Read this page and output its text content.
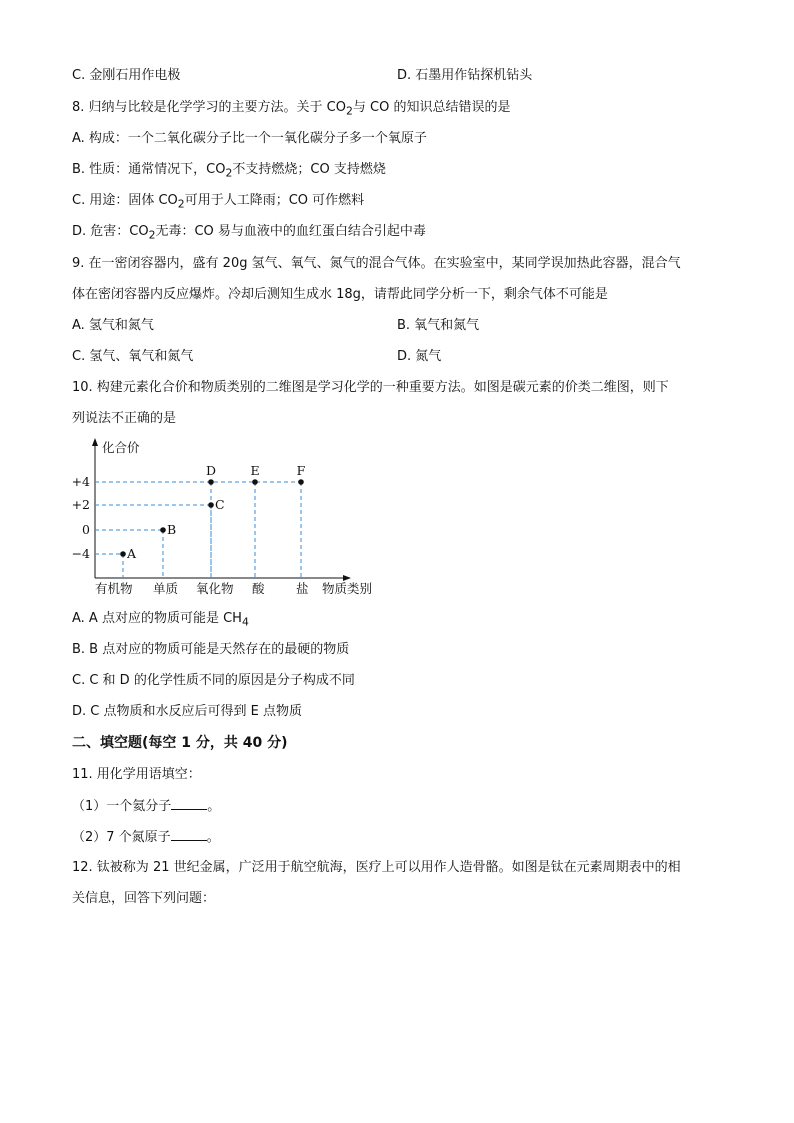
C. 金刚石用作电极	D. 石墨用作钻探机钻头
8. 归纳与比较是化学学习的主要方法。关于 $CO_2$与 CO 的知识总结错误的是
A. 构成：一个二氧化碳分子比一个一氧化碳分子多一个氧原子
B. 性质：通常情况下，$CO_2$不支持燃烧；CO 支持燃烧
C. 用途：固体 $CO_2$可用于人工降雨；CO 可作燃料
D. 危害：$CO_2$无毒：CO 易与血液中的血红蛋白结合引起中毒
9. 在一密闭容器内，盛有 20g 氢气、氧气、氮气的混合气体。在实验室中，某同学误加热此容器，混合气
体在密闭容器内反应爆炸。冷却后测知生成水 18g，请帮此同学分析一下，剩余气体不可能是
A. 氢气和氮气	B. 氧气和氮气
C. 氢气、氧气和氮气	D. 氮气
10. 构建元素化合价和物质类别的二维图是学习化学的一种重要方法。如图是碳元素的价类二维图，则下
列说法不正确的是
化合价
物质类别
+4
+2
0
−4
有机物 单质 氧化物 酸	盐
A
B
C
D	E	F
A. A 点对应的物质可能是 $CH_4$
B. B 点对应的物质可能是天然存在的最硬的物质
C. C 和 D 的化学性质不同的原因是分子构成不同
D. C 点物质和水反应后可得到 E 点物质
二、填空题(每空 1 分，共 40 分)
11. 用化学用语填空：
（1）一个氦分子	。
（2）7 个氮原子	。
12. 钛被称为 21 世纪金属，广泛用于航空航海，医疗上可以用作人造骨骼。如图是钛在元素周期表中的相
关信息，回答下列问题：
